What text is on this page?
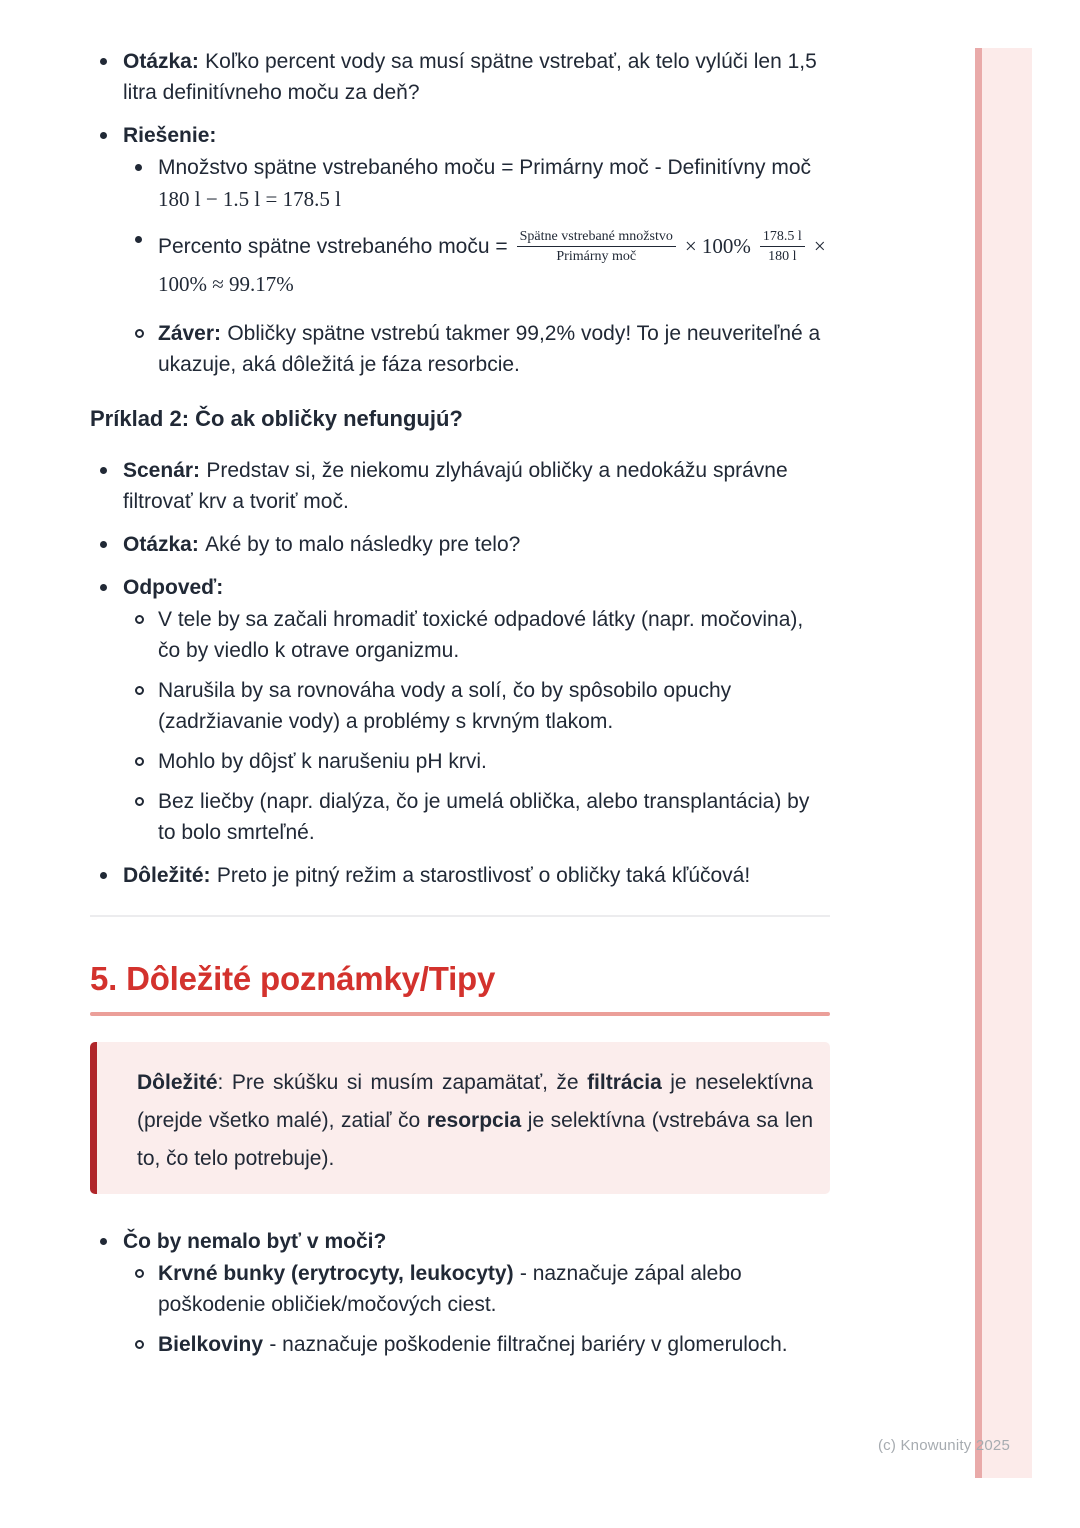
Otázka: Koľko percent vody sa musí spätne vstrebať, ak telo vylúči len 1,5 litra definitívneho moču za deň?
Riešenie:
Množstvo spätne vstrebaného moču = Primárny moč - Definitívny moč
180 l − 1.5 l = 178.5 l
Percento spätne vstrebaného moču = $\frac{\text{Spätne vstrebané množstvo}}{\text{Primárny moč}} \times 100\% \frac{178.5 l}{180 l}$ ×
100% ≈ 99.17%
Záver: Obličky spätne vstrebú takmer 99,2% vody! To je neuveriteľné a ukazuje, aká dôležitá je fáza resorbcie.
Príklad 2: Čo ak obličky nefungujú?
Scenár: Predstav si, že niekomu zlyhávajú obličky a nedokážu správne filtrovať krv a tvoriť moč.
Otázka: Aké by to malo následky pre telo?
Odpoveď:
V tele by sa začali hromadiť toxické odpadové látky (napr. močovina), čo by viedlo k otrave organizmu.
Narušila by sa rovnováha vody a solí, čo by spôsobilo opuchy (zadržiavanie vody) a problémy s krvným tlakom.
Mohlo by dôjsť k narušeniu pH krvi.
Bez liečby (napr. dialýza, čo je umelá oblička, alebo transplantácia) by to bolo smrteľné.
Dôležité: Preto je pitný režim a starostlivosť o obličky taká kľúčová!
5. Dôležité poznámky/Tipy
Dôležité: Pre skúšku si musím zapamätať, že filtrácia je neselektívna (prejde všetko malé), zatiaľ čo resorpcia je selektívna (vstrebáva sa len to, čo telo potrebuje).
Čo by nemalo byť v moči?
Krvné bunky (erytrocyty, leukocyty) - naznačuje zápal alebo poškodenie obličiek/močových ciest.
Bielkoviny - naznačuje poškodenie filtračnej bariéry v glomeruloch.
(c) Knowunity 2025
